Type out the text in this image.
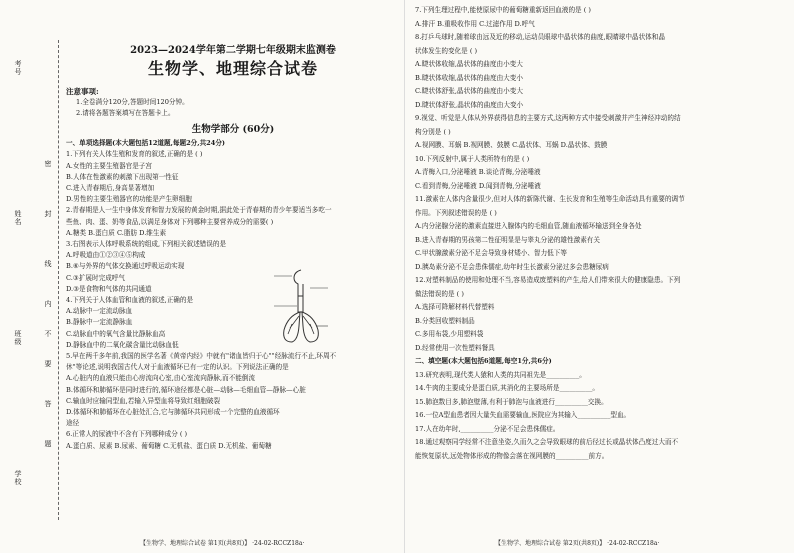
考号
姓名
班级
学校
密
封
线
内
不
要
答
题
2023—2024学年第二学期七年级期末监测卷
生物学、地理综合试卷
注意事项:
1.全卷满分120分,答题时间120分钟。
2.请将各题答案填写在答题卡上。
生物学部分 (60分)
一、单项选择题(本大题包括12道题,每题2分,共24分)
1.下列有关人体生殖和发育的叙述,正确的是 ( )
A.女性的主要生殖器官是子宫
B.人体在性激素的刺激下出现第一性征
C.进入青春期后,身高显著增加
D.男性的主要生殖器官的功能是产生卵细胞
2.青春期是人一生中身体发育和智力发展的黄金时期,据此处于青春期的青少年要适当多吃一
些鱼、肉、蛋、奶等食品,以满足身体对下列哪种主要营养成分的需要( )
A.糖类 B.蛋白质 C.脂肪 D.维生素
3.右图表示人体呼吸系统的组成,下列相关叙述错误的是
A.呼吸道由①②③④⑤构成
B.⑥与外界的气体交换通过呼吸运动实现
C.③扩展时完成呼气
D.③是食物和气体的共同通道
4.下列关于人体血管和血液的叙述,正确的是
A.动脉中一定流动脉血
B.静脉中一定流静脉血
C.动脉血中的氧气含量比静脉血高
D.静脉血中的二氧化碳含量比动脉血低
5.早在两千多年前,我国的医学名著《黄帝内经》中就有"诸血皆归于心""经脉流行不止,环周不
休"等论述,说明我国古代人对于血液循环已有一定的认识。下列说法正确的是
A.心脏内的血液只能由心房流向心室,由心室流向静脉,而不能倒流
B.体循环和肺循环是同时进行的,循环途径都是心脏—动脉—毛细血管—静脉—心脏
C.输血时应输同型血,若输入异型血将导致红细胞破裂
D.体循环和肺循环在心脏处汇合,它与肺循环共同形成一个完整的血液循环
途径
6.正常人的尿液中不含有下列哪种成分 ( )
A.蛋白质、尿素 B.尿素、葡萄糖 C.无机盐、蛋白质 D.无机盐、葡萄糖
【生物学、地理综合试卷 第1页(共8页)】 ·24-02-RCCZ18a·
7.下列生理过程中,能使原尿中的葡萄糖重新返回血液的是 ( )
A.排汗 B.重吸收作用 C.过滤作用 D.呼气
8.打乒乓球时,随着球由远及近的移动,运动员眼球中晶状体的曲度,眼睛球中晶状体和晶
状体发生的变化是 ( )
A.睫状体收缩,晶状体的曲度由小变大
B.睫状体收缩,晶状体的曲度由大变小
C.睫状体舒张,晶状体的曲度由小变大
D.睫状体舒张,晶状体的曲度由大变小
9.视觉、听觉是人体从外界获得信息的主要方式,这两种方式中接受刺激并产生神经冲动的结
构分别是 ( )
A.视网膜、耳蜗 B.视网膜、鼓膜 C.晶状体、耳蜗 D.晶状体、鼓膜
10.下列反射中,属于人类所特有的是 ( )
A.青梅入口,分泌唾液 B.谈论青梅,分泌唾液
C.看到青梅,分泌唾液 D.闻到青梅,分泌唾液
11.激素在人体内含量很少,但对人体的新陈代谢、生长发育和生殖等生命活动具有重要的调节
作用。下列叙述错误的是 ( )
A.内分泌腺分泌的激素直接进入腺体内的毛细血管,随血液循环输送到全身各处
B.进入青春期的男孩第二性征明显是与睾丸分泌的雄性激素有关
C.甲状腺激素分泌不足会导致身材矮小、智力低下等
D.胰岛素分泌不足会患侏儒症,幼年时生长激素分泌过多会患糖尿病
12.对塑料制品的使用和处理不当,容易造成废塑料的产生,给人们带来很大的健康隐患。下列
做法错误的是 ( )
A.选择可降解材料代替塑料
B.分类回收塑料制品
C.多用布袋,少用塑料袋
D.经常使用一次性塑料餐具
二、填空题(本大题包括6道题,每空1分,共6分)
13.研究表明,现代类人猿和人类的共同祖先是__________。
14.牛肉的主要成分是蛋白质,其消化的主要场所是__________。
15.肺泡数目多,肺泡壁薄,有利于肺泡与血液进行__________交换。
16.一位A型血患者因大量失血需要输血,医院应为其输入__________型血。
17.人在幼年时,__________分泌不足会患侏儒症。
18.通过观察同学经常不注意坐姿,久而久之会导致眼球的前后径过长或晶状体凸度过大而不
能恢复原状,远处物体形成的物像会落在视网膜的__________前方。
【生物学、地理综合试卷 第2页(共8页)】 ·24-02-RCCZ18a·
